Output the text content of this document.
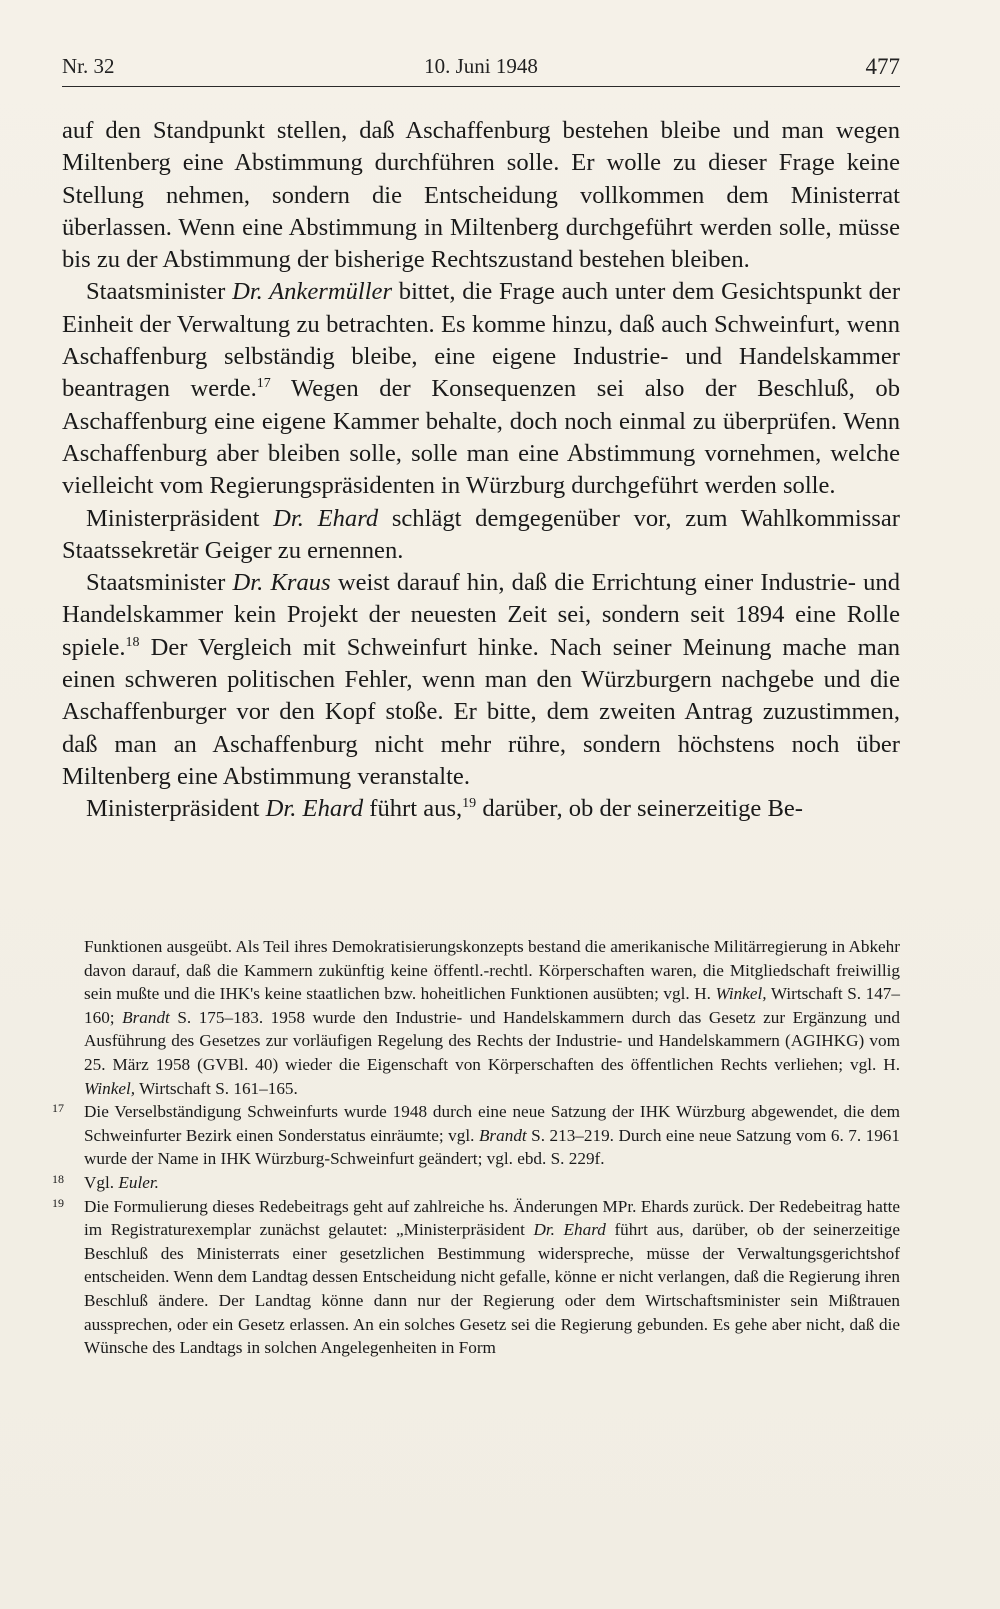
Nr. 32	10. Juni 1948	477

auf den Standpunkt stellen, daß Aschaffenburg bestehen bleibe und man wegen Miltenberg eine Abstimmung durchführen solle. Er wolle zu dieser Frage keine Stellung nehmen, sondern die Entscheidung vollkommen dem Ministerrat überlassen. Wenn eine Abstimmung in Miltenberg durchgeführt werden solle, müsse bis zu der Abstimmung der bisherige Rechtszustand bestehen bleiben.

Staatsminister Dr. Ankermüller bittet, die Frage auch unter dem Gesichtspunkt der Einheit der Verwaltung zu betrachten. Es komme hinzu, daß auch Schweinfurt, wenn Aschaffenburg selbständig bleibe, eine eigene Industrie- und Handelskammer beantragen werde.$^{17}$ Wegen der Konsequenzen sei also der Beschluß, ob Aschaffenburg eine eigene Kammer behalte, doch noch einmal zu überprüfen. Wenn Aschaffenburg aber bleiben solle, solle man eine Abstimmung vornehmen, welche vielleicht vom Regierungspräsidenten in Würzburg durchgeführt werden solle.

Ministerpräsident Dr. Ehard schlägt demgegenüber vor, zum Wahlkommissar Staatssekretär Geiger zu ernennen.

Staatsminister Dr. Kraus weist darauf hin, daß die Errichtung einer Industrie- und Handelskammer kein Projekt der neuesten Zeit sei, sondern seit 1894 eine Rolle spiele.$^{18}$ Der Vergleich mit Schweinfurt hinke. Nach seiner Meinung mache man einen schweren politischen Fehler, wenn man den Würzburgern nachgebe und die Aschaffenburger vor den Kopf stoße. Er bitte, dem zweiten Antrag zuzustimmen, daß man an Aschaffenburg nicht mehr rühre, sondern höchstens noch über Miltenberg eine Abstimmung veranstalte.

Ministerpräsident Dr. Ehard führt aus,$^{19}$ darüber, ob der seinerzeitige Be-

Funktionen ausgeübt. Als Teil ihres Demokratisierungskonzepts bestand die amerikanische Militärregierung in Abkehr davon darauf, daß die Kammern zukünftig keine öffentl.-rechtl. Körperschaften waren, die Mitgliedschaft freiwillig sein mußte und die IHK's keine staatlichen bzw. hoheitlichen Funktionen ausübten; vgl. H. Winkel, Wirtschaft S. 147–160; Brandt S. 175–183. 1958 wurde den Industrie- und Handelskammern durch das Gesetz zur Ergänzung und Ausführung des Gesetzes zur vorläufigen Regelung des Rechts der Industrie- und Handelskammern (AGIHKG) vom 25. März 1958 (GVBl. 40) wieder die Eigenschaft von Körperschaften des öffentlichen Rechts verliehen; vgl. H. Winkel, Wirtschaft S. 161–165.

17 Die Verselbständigung Schweinfurts wurde 1948 durch eine neue Satzung der IHK Würzburg abgewendet, die dem Schweinfurter Bezirk einen Sonderstatus einräumte; vgl. Brandt S. 213–219. Durch eine neue Satzung vom 6. 7. 1961 wurde der Name in IHK Würzburg-Schweinfurt geändert; vgl. ebd. S. 229f.

18 Vgl. Euler.

19 Die Formulierung dieses Redebeitrags geht auf zahlreiche hs. Änderungen MPr. Ehards zurück. Der Redebeitrag hatte im Registraturexemplar zunächst gelautet: „Ministerpräsident Dr. Ehard führt aus, darüber, ob der seinerzeitige Beschluß des Ministerrats einer gesetzlichen Bestimmung widerspreche, müsse der Verwaltungsgerichtshof entscheiden. Wenn dem Landtag dessen Entscheidung nicht gefalle, könne er nicht verlangen, daß die Regierung ihren Beschluß ändere. Der Landtag könne dann nur der Regierung oder dem Wirtschaftsminister sein Mißtrauen aussprechen, oder ein Gesetz erlassen. An ein solches Gesetz sei die Regierung gebunden. Es gehe aber nicht, daß die Wünsche des Landtags in solchen Angelegenheiten in Form
